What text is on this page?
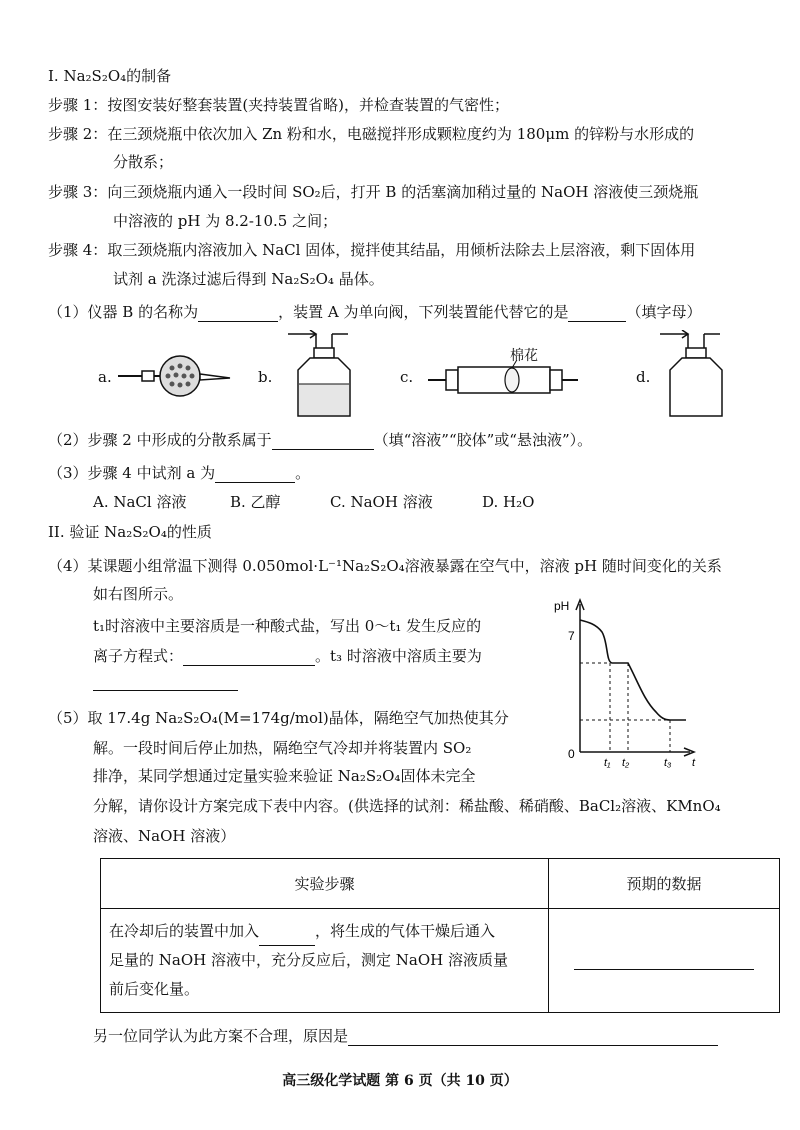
I. Na₂S₂O₄的制备
步骤 1：按图安装好整套装置(夹持装置省略)，并检查装置的气密性；
步骤 2：在三颈烧瓶中依次加入 Zn 粉和水，电磁搅拌形成颗粒度约为 180μm 的锌粉与水形成的
分散系；
步骤 3：向三颈烧瓶内通入一段时间 SO₂后，打开 B 的活塞滴加稍过量的 NaOH 溶液使三颈烧瓶
中溶液的 pH 为 8.2-10.5 之间；
步骤 4：取三颈烧瓶内溶液加入 NaCl 固体，搅拌使其结晶，用倾析法除去上层溶液，剩下固体用
试剂 a 洗涤过滤后得到 Na₂S₂O₄ 晶体。
（1）仪器 B 的名称为	，装置 A 为单向阀，下列装置能代替它的是	（填字母）
a.	b.	c.
棉花
d.
（2）步骤 2 中形成的分散系属于	（填“溶液”“胶体”或“悬浊液”）。
（3）步骤 4 中试剂 a 为	。
A. NaCl 溶液	B. 乙醇	C. NaOH 溶液	D. H₂O
II. 验证 Na₂S₂O₄的性质
（4）某课题小组常温下测得 0.050mol·L⁻¹Na₂S₂O₄溶液暴露在空气中，溶液 pH 随时间变化的关系
如右图所示。
t₁时溶液中主要溶质是一种酸式盐，写出 0～t₁ 发生反应的
离子方程式：	。t₃ 时溶液中溶质主要为
pH
7
0
t₁ t₂	t₃ t
（5）取 17.4g Na₂S₂O₄(M=174g/mol)晶体，隔绝空气加热使其分
解。一段时间后停止加热，隔绝空气冷却并将装置内 SO₂
排净，某同学想通过定量实验来验证 Na₂S₂O₄固体未完全
分解，请你设计方案完成下表中内容。(供选择的试剂：稀盐酸、稀硝酸、BaCl₂溶液、KMnO₄
溶液、NaOH 溶液）
实验步骤	预期的数据

在冷却后的装置中加入 ，将生成的气体干燥后通入
足量的 NaOH 溶液中，充分反应后，测定 NaOH 溶液质量
前后变化量。	

另一位同学认为此方案不合理，原因是
高三级化学试题 第 6 页（共 10 页）
